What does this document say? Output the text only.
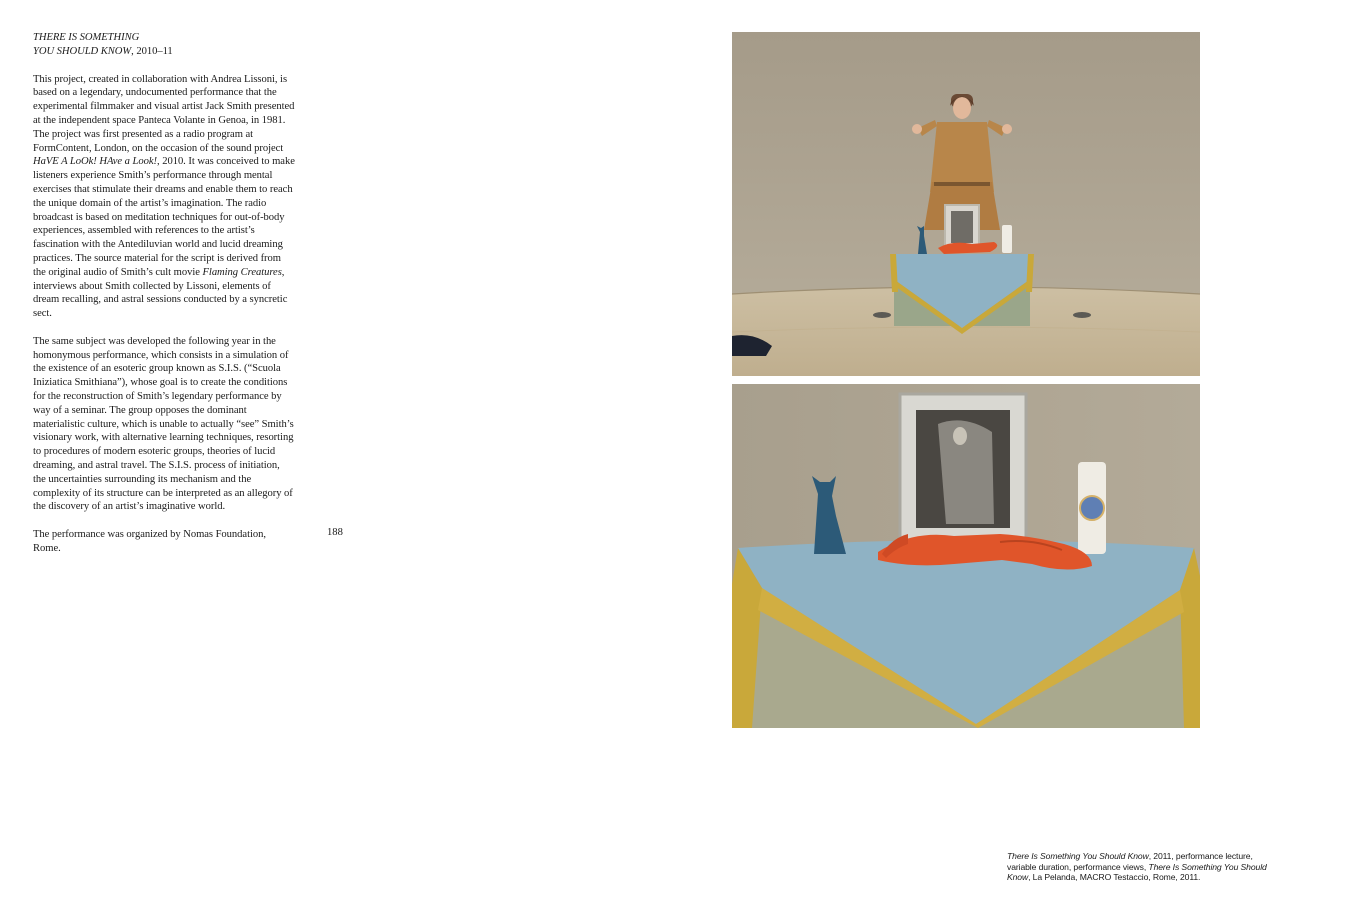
THERE IS SOMETHING
YOU SHOULD KNOW, 2010–11

This project, created in collaboration with Andrea Lissoni, is based on a legendary, undocumented performance that the experimental filmmaker and visual artist Jack Smith presented at the independent space Panteca Volante in Genoa, in 1981. The project was first presented as a radio program at FormContent, London, on the occasion of the sound project HaVE A LoOk! HAve a Look!, 2010. It was conceived to make listeners experience Smith’s performance through mental exercises that stimulate their dreams and enable them to reach the unique domain of the artist’s imagination. The radio broadcast is based on meditation techniques for out-of-body experiences, assembled with references to the artist’s fascination with the Antediluvian world and lucid dreaming practices. The source material for the script is derived from the original audio of Smith’s cult movie Flaming Creatures, interviews about Smith collected by Lissoni, elements of dream recalling, and astral sessions conducted by a syncretic sect.

The same subject was developed the following year in the homonymous performance, which consists in a simulation of the existence of an esoteric group known as S.I.S. (“Scuola Iniziatica Smithiana”), whose goal is to create the conditions for the reconstruction of Smith’s legendary performance by way of a seminar. The group opposes the dominant materialistic culture, which is unable to actually “see” Smith’s visionary work, with alternative learning techniques, resorting to procedures of modern esoteric groups, theories of lucid dreaming, and astral travel. The S.I.S. process of initiation, the uncertainties surrounding its mechanism and the complexity of its structure can be interpreted as an allegory of the discovery of an artist’s imaginative world.

The performance was organized by Nomas Foundation, Rome.

188
There Is Something You Should Know, 2011, performance lecture, variable duration, performance views, There Is Something You Should Know, La Pelanda, MACRO Testaccio, Rome, 2011.
